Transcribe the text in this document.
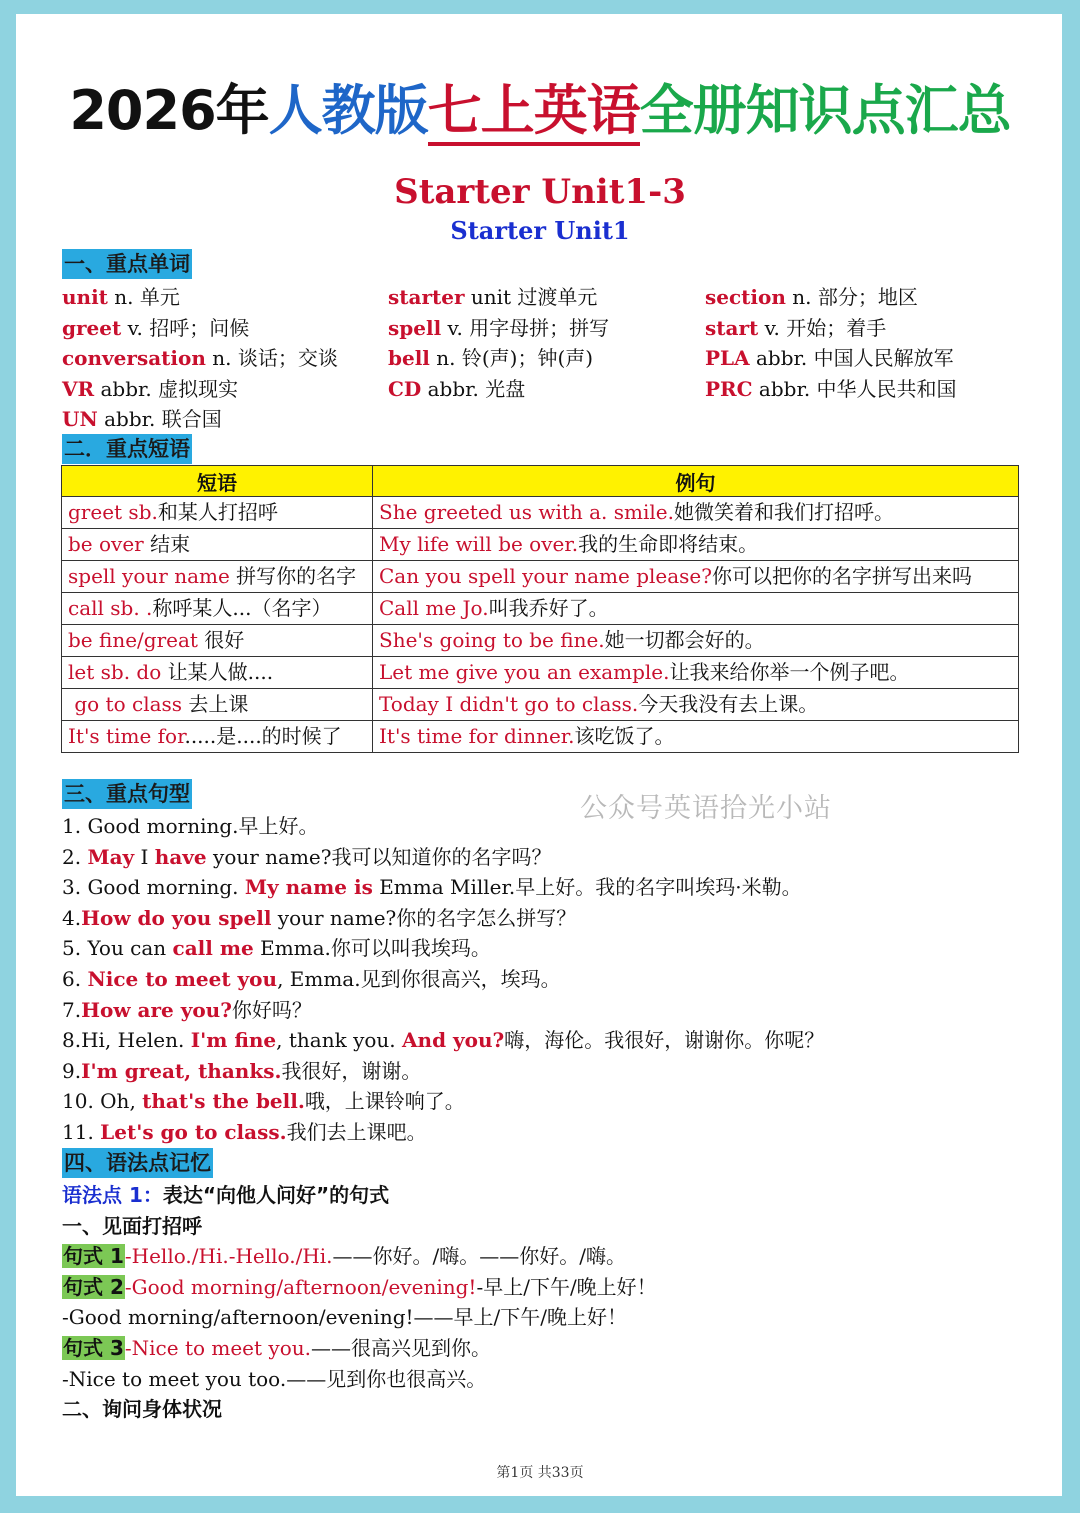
2026年人教版七上英语全册知识点汇总
Starter Unit1-3
Starter Unit1
一、重点单词
unit n. 单元	starter unit 过渡单元	section n. 部分；地区
greet v. 招呼；问候	spell v. 用字母拼；拼写	start v. 开始；着手
conversation n. 谈话；交谈	bell n. 铃(声)；钟(声)	PLA abbr. 中国人民解放军
VR abbr. 虚拟现实	CD abbr. 光盘	PRC abbr. 中华人民共和国
UN abbr. 联合国
二．重点短语
短语	例句
greet sb.和某人打招呼	She greeted us with a. smile.她微笑着和我们打招呼。
be over 结束	My life will be over.我的生命即将结束。
spell your name 拼写你的名字	Can you spell your name please?你可以把你的名字拼写出来吗
call sb. .称呼某人...（名字）	Call me Jo.叫我乔好了。
be fine/great 很好	She's going to be fine.她一切都会好的。
let sb. do 让某人做....	Let me give you an example.让我来给你举一个例子吧。
go to class 去上课	Today I didn't go to class.今天我没有去上课。
It's time for.....是....的时候了	It's time for dinner.该吃饭了。
公众号英语拾光小站
三、重点句型
1. Good morning.早上好。
2. May I have your name?我可以知道你的名字吗？
3. Good morning. My name is Emma Miller.早上好。我的名字叫埃玛·米勒。
4.How do you spell your name?你的名字怎么拼写？
5. You can call me Emma.你可以叫我埃玛。
6. Nice to meet you, Emma.见到你很高兴，埃玛。
7.How are you?你好吗？
8.Hi, Helen. I'm fine, thank you. And you?嗨，海伦。我很好，谢谢你。你呢？
9.I'm great, thanks.我很好，谢谢。
10. Oh, that's the bell.哦，上课铃响了。
11. Let's go to class.我们去上课吧。
四、语法点记忆
语法点 1：表达“向他人问好”的句式
一、见面打招呼
句式 1-Hello./Hi.-Hello./Hi.——你好。/嗨。——你好。/嗨。
句式 2-Good morning/afternoon/evening!-早上/下午/晚上好！
-Good morning/afternoon/evening!——早上/下午/晚上好！
句式 3-Nice to meet you.——很高兴见到你。
-Nice to meet you too.——见到你也很高兴。
二、询问身体状况
第1页 共33页
